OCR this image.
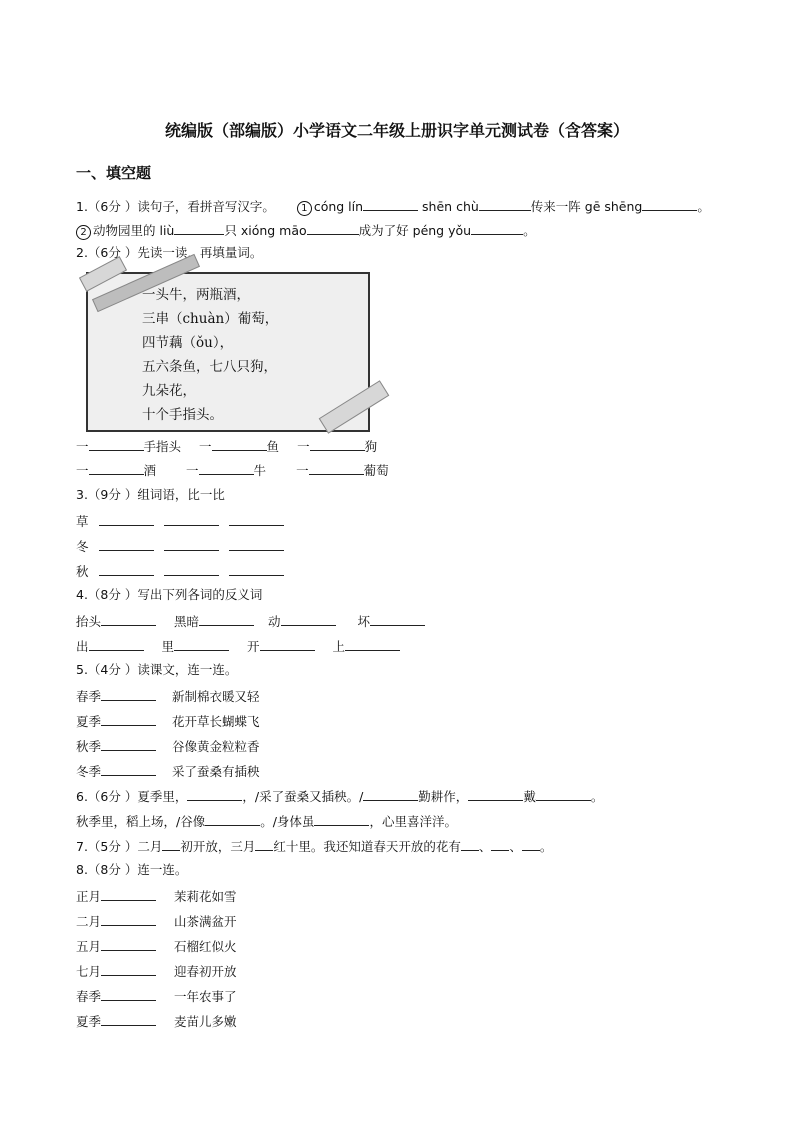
统编版（部编版）小学语文二年级上册识字单元测试卷（含答案）
一、填空题
1.（6分 ）读句子，看拼音写汉字。	1 cóng lín	shēn chù	传来一阵 gē shēng	。
2 动物园里的 liù	只 xióng māo	成为了好 péng yǒu	。
2.（6分 ）先读一读，再填量词。
一头牛，两瓶酒，
三串（chuàn）葡萄，
四节藕（ǒu），
五六条鱼，七八只狗，
九朵花，
十个手指头。
一	手指头 一	鱼 一	狗
一	酒 一	牛 一	葡萄
3.（9分 ）组词语，比一比
草
冬
秋
4.（8分 ）写出下列各词的反义词
抬头	黑暗	动	坏
出	里	开	上
5.（4分 ）读课文，连一连。
春季	新制棉衣暖又轻
夏季	花开草长蝴蝶飞
秋季	谷像黄金粒粒香
冬季	采了蚕桑有插秧
6.（6分 ）夏季里，	，/采了蚕桑又插秧。/	勤耕作，	戴	。
秋季里，稻上场，/谷像	。/身体虽	，心里喜洋洋。
7.（5分 ）二月 初开放，三月 红十里。我还知道春天开放的花有 、 、 。
8.（8分 ）连一连。
正月	茉莉花如雪
二月	山茶满盆开
五月	石榴红似火
七月	迎春初开放
春季	一年农事了
夏季	麦苗儿多嫩
